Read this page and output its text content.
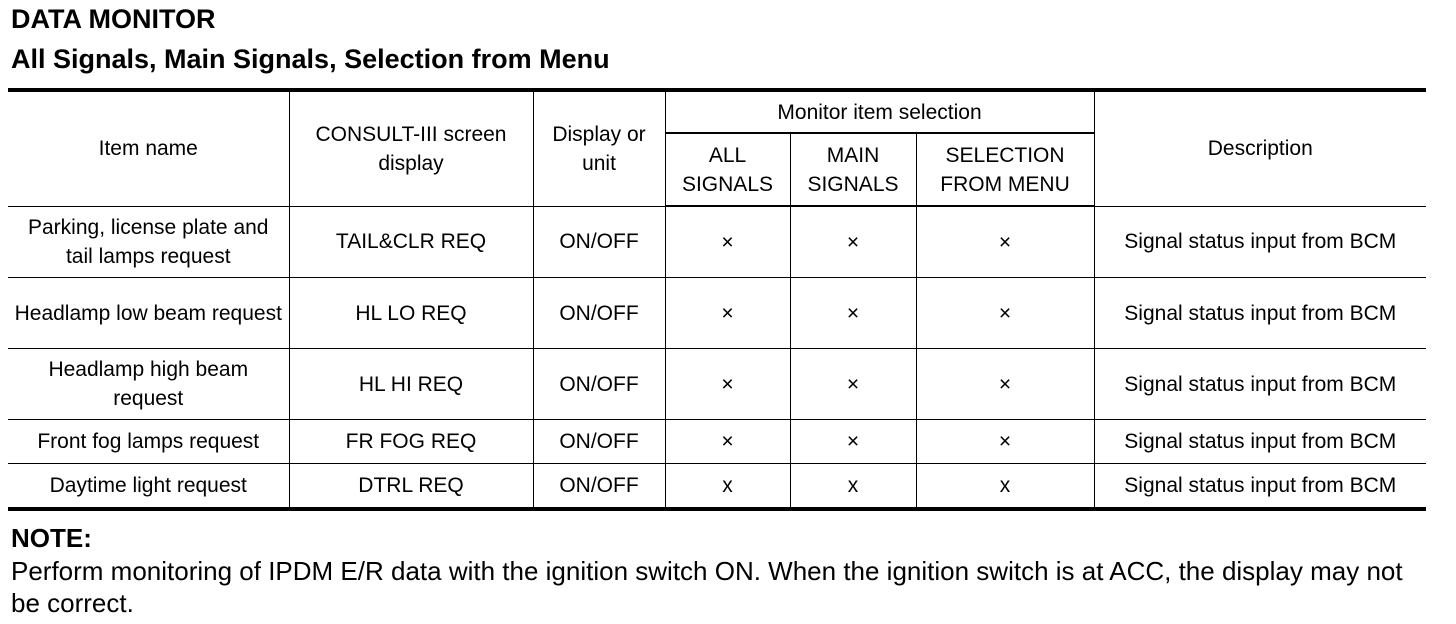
DATA MONITOR
All Signals, Main Signals, Selection from Menu
Item name	CONSULT-III screen display	Display or unit	Monitor item selection			Description
			ALL SIGNALS	MAIN SIGNALS	SELECTION FROM MENU	
Parking, license plate and tail lamps request	TAIL&CLR REQ	ON/OFF	×	×	×	Signal status input from BCM
Headlamp low beam request	HL LO REQ	ON/OFF	×	×	×	Signal status input from BCM
Headlamp high beam request	HL HI REQ	ON/OFF	×	×	×	Signal status input from BCM
Front fog lamps request	FR FOG REQ	ON/OFF	×	×	×	Signal status input from BCM
Daytime light request	DTRL REQ	ON/OFF	x	x	x	Signal status input from BCM
NOTE:
Perform monitoring of IPDM E/R data with the ignition switch ON. When the ignition switch is at ACC, the display may not be correct.
